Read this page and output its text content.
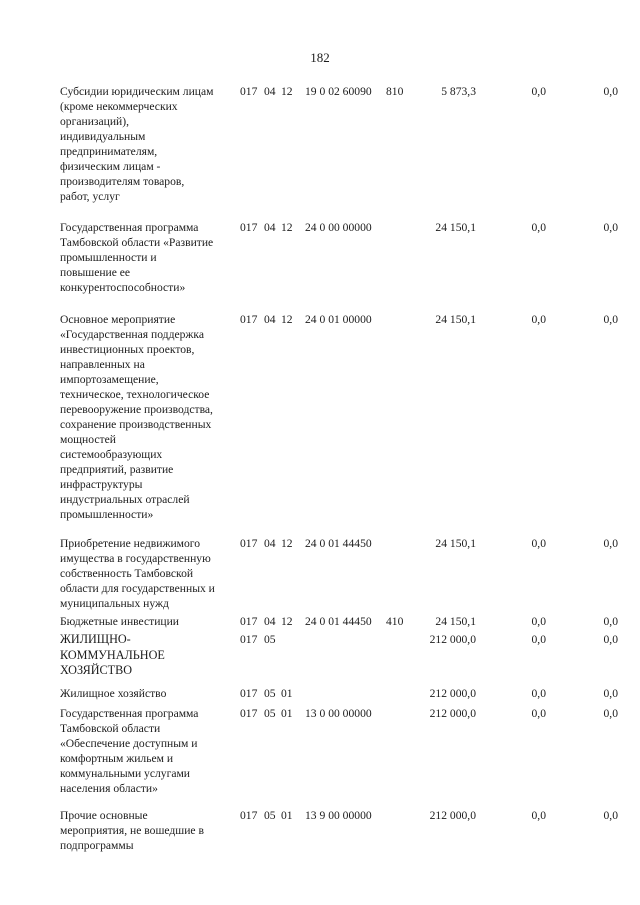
182
Субсидии юридическим лицам
(кроме некоммерческих
организаций),
индивидуальным
предпринимателям,
физическим лицам -
производителям товаров,
работ, услуг
017 04 12 19 0 02 60090 810	5 873,3	0,0	0,0
Государственная программа
Тамбовской области «Развитие
промышленности и
повышение ее
конкурентоспособности»
017 04 12 24 0 00 00000	24 150,1	0,0	0,0
Основное мероприятие
«Государственная поддержка
инвестиционных проектов,
направленных на
импортозамещение,
техническое, технологическое
перевооружение производства,
сохранение производственных
мощностей
системообразующих
предприятий, развитие
инфраструктуры
индустриальных отраслей
промышленности»
017 04 12 24 0 01 00000	24 150,1	0,0	0,0
Приобретение недвижимого
имущества в государственную
собственность Тамбовской
области для государственных и
муниципальных нужд
017 04 12 24 0 01 44450	24 150,1	0,0	0,0
Бюджетные инвестиции	017 04 12 24 0 01 44450 410	24 150,1	0,0	0,0
ЖИЛИЩНО-
КОММУНАЛЬНОЕ
ХОЗЯЙСТВО
017 05	212 000,0	0,0	0,0
Жилищное хозяйство	017 05 01	212 000,0	0,0	0,0
Государственная программа
Тамбовской области
«Обеспечение доступным и
комфортным жильем и
коммунальными услугами
населения области»
017 05 01 13 0 00 00000	212 000,0	0,0	0,0
Прочие основные
мероприятия, не вошедшие в
подпрограммы
017 05 01 13 9 00 00000	212 000,0	0,0	0,0
